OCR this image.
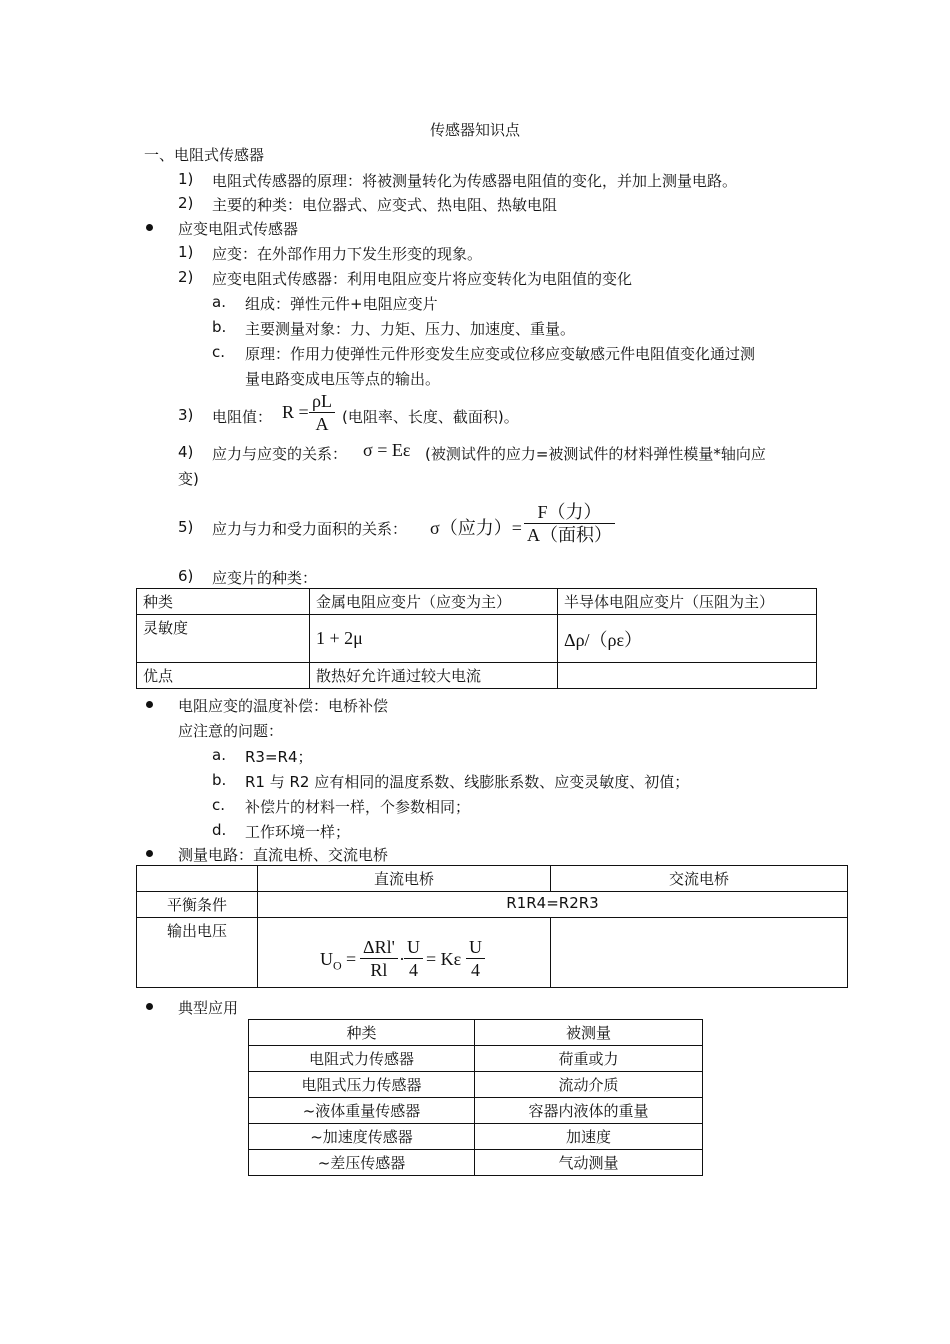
传感器知识点
一、电阻式传感器
1) 电阻式传感器的原理：将被测量转化为传感器电阻值的变化，并加上测量电路。
2) 主要的种类：电位器式、应变式、热电阻、热敏电阻
应变电阻式传感器
1) 应变：在外部作用力下发生形变的现象。
2) 应变电阻式传感器：利用电阻应变片将应变转化为电阻值的变化
a. 组成：弹性元件+电阻应变片
b. 主要测量对象：力、力矩、压力、加速度、重量。
c. 原理：作用力使弹性元件形变发生应变或位移应变敏感元件电阻值变化通过测
量电路变成电压等点的输出。
3) 电阻值： $R = \frac{\rho L}{A}$ (电阻率、长度、截面积)。
4) 应力与应变的关系： σ = Eε (被测试件的应力=被测试件的材料弹性模量*轴向应
变)
5) 应力与力和受力面积的关系： σ（应力）=
F（力）
A（面积）
6) 应变片的种类：
种类	金属电阻应变片（应变为主）	半导体电阻应变片（压阻为主）
灵敏度	1 + 2μ	Δρ/（ρε）
优点	散热好允许通过较大电流	
电阻应变的温度补偿：电桥补偿
应注意的问题：
a. R3=R4；
b. R1 与 R2 应有相同的温度系数、线膨胀系数、应变灵敏度、初值；
c. 补偿片的材料一样，个参数相同；
d. 工作环境一样；
测量电路：直流电桥、交流电桥
	直流电桥	交流电桥
平衡条件	R1R4=R2R3	
输出电压		
$U_O$ =
ΔRl'
Rl
· $\frac{U}{4} = K\varepsilon \frac{U}{4}$
典型应用
种类	被测量
电阻式力传感器	荷重或力
电阻式压力传感器	流动介质
~液体重量传感器	容器内液体的重量
~加速度传感器	加速度
~差压传感器	气动测量
